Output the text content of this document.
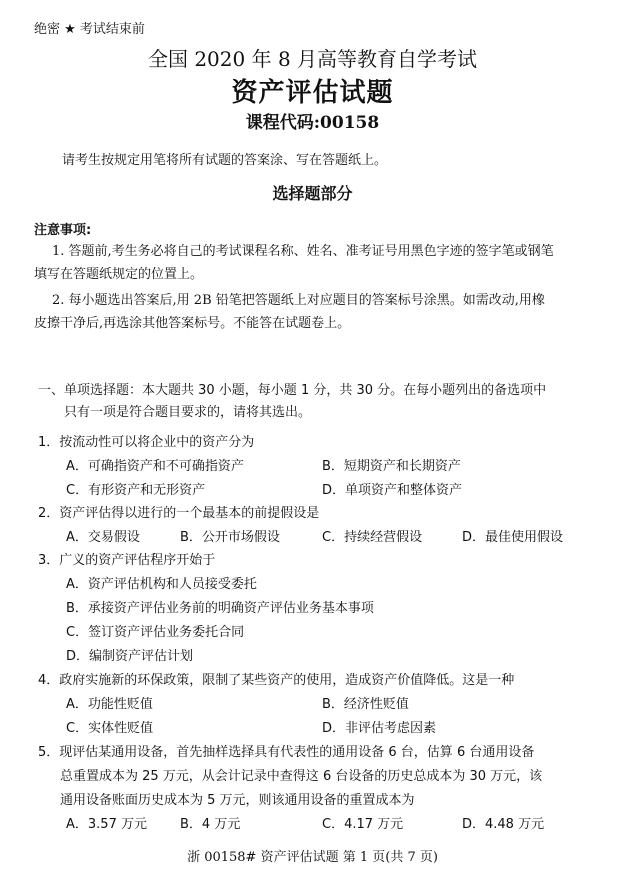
绝密 ★ 考试结束前
全国 2020 年 8 月高等教育自学考试
资产评估试题
课程代码:00158
请考生按规定用笔将所有试题的答案涂、写在答题纸上。
选择题部分
注意事项:
1. 答题前,考生务必将自己的考试课程名称、姓名、准考证号用黑色字迹的签字笔或钢笔
填写在答题纸规定的位置上。
2. 每小题选出答案后,用 2B 铅笔把答题纸上对应题目的答案标号涂黑。如需改动,用橡
皮擦干净后,再选涂其他答案标号。不能答在试题卷上。
一、单项选择题：本大题共 30 小题，每小题 1 分，共 30 分。在每小题列出的备选项中
只有一项是符合题目要求的，请将其选出。
1．按流动性可以将企业中的资产分为
A．可确指资产和不可确指资产	B．短期资产和长期资产
C．有形资产和无形资产	D．单项资产和整体资产
2．资产评估得以进行的一个最基本的前提假设是
A．交易假设	B．公开市场假设	C．持续经营假设	D．最佳使用假设
3．广义的资产评估程序开始于
A．资产评估机构和人员接受委托
B．承接资产评估业务前的明确资产评估业务基本事项
C．签订资产评估业务委托合同
D．编制资产评估计划
4．政府实施新的环保政策，限制了某些资产的使用，造成资产价值降低。这是一种
A．功能性贬值	B．经济性贬值
C．实体性贬值	D．非评估考虑因素
5．现评估某通用设备，首先抽样选择具有代表性的通用设备 6 台，估算 6 台通用设备
总重置成本为 25 万元，从会计记录中查得这 6 台设备的历史总成本为 30 万元，该
通用设备账面历史成本为 5 万元，则该通用设备的重置成本为
A．3.57 万元	B．4 万元	C．4.17 万元	D．4.48 万元
浙 00158# 资产评估试题 第 1 页(共 7 页)
